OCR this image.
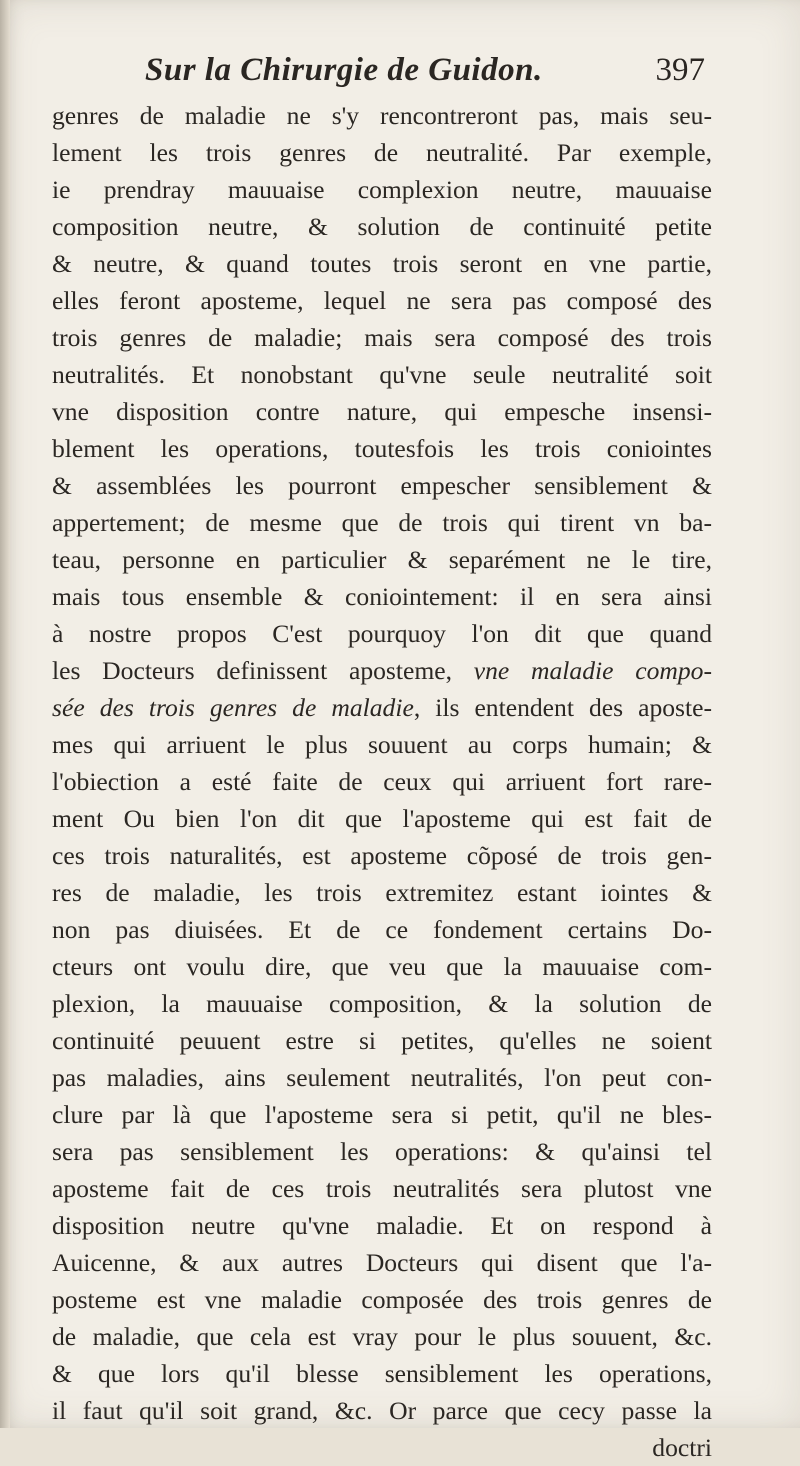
Sur la Chirurgie de Guidon.	397
genres de maladie ne s'y rencontreront pas, mais seu-
lement les trois genres de neutralité. Par exemple,
ie prendray mauuaise complexion neutre, mauuaise
composition neutre, & solution de continuité petite
& neutre, & quand toutes trois seront en vne partie,
elles feront aposteme, lequel ne sera pas composé des
trois genres de maladie; mais sera composé des trois
neutralités. Et nonobstant qu'vne seule neutralité soit
vne disposition contre nature, qui empesche insensi-
blement les operations, toutesfois les trois coniointes
& assemblées les pourront empescher sensiblement &
appertement; de mesme que de trois qui tirent vn ba-
teau, personne en particulier & separément ne le tire,
mais tous ensemble & coniointement: il en sera ainsi
à nostre propos C'est pourquoy l'on dit que quand
les Docteurs definissent aposteme, vne maladie compo-
sée des trois genres de maladie, ils entendent des aposte-
mes qui arriuent le plus souuent au corps humain; &
l'obiection a esté faite de ceux qui arriuent fort rare-
ment Ou bien l'on dit que l'aposteme qui est fait de
ces trois naturalités, est aposteme cõposé de trois gen-
res de maladie, les trois extremitez estant iointes &
non pas diuisées. Et de ce fondement certains Do-
cteurs ont voulu dire, que veu que la mauuaise com-
plexion, la mauuaise composition, & la solution de
continuité peuuent estre si petites, qu'elles ne soient
pas maladies, ains seulement neutralités, l'on peut con-
clure par là que l'aposteme sera si petit, qu'il ne bles-
sera pas sensiblement les operations: & qu'ainsi tel
aposteme fait de ces trois neutralités sera plutost vne
disposition neutre qu'vne maladie. Et on respond à
Auicenne, & aux autres Docteurs qui disent que l'a-
posteme est vne maladie composée des trois genres de
de maladie, que cela est vray pour le plus souuent, &c.
& que lors qu'il blesse sensiblement les operations,
il faut qu'il soit grand, &c. Or parce que cecy passe la
doctri
